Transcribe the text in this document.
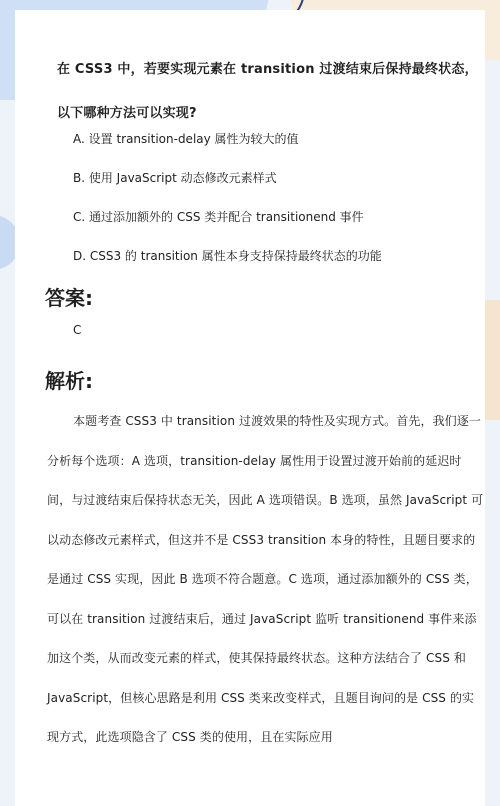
在 CSS3 中，若要实现元素在 transition 过渡结束后保持最终状态，以下哪种方法可以实现?
A. 设置 transition-delay 属性为较大的值
B. 使用 JavaScript 动态修改元素样式
C. 通过添加额外的 CSS 类并配合 transitionend 事件
D. CSS3 的 transition 属性本身支持保持最终状态的功能
答案:
C
解析:
本题考查 CSS3 中 transition 过渡效果的特性及实现方式。首先，我们逐一分析每个选项：A 选项，transition-delay 属性用于设置过渡开始前的延迟时间，与过渡结束后保持状态无关，因此 A 选项错误。B 选项，虽然 JavaScript 可以动态修改元素样式，但这并不是 CSS3 transition 本身的特性，且题目要求的是通过 CSS 实现，因此 B 选项不符合题意。C 选项，通过添加额外的 CSS 类，可以在 transition 过渡结束后，通过 JavaScript 监听 transitionend 事件来添加这个类，从而改变元素的样式，使其保持最终状态。这种方法结合了 CSS 和 JavaScript，但核心思路是利用 CSS 类来改变样式，且题目询问的是 CSS 的实现方式，此选项隐含了 CSS 类的使用，且在实际应用
